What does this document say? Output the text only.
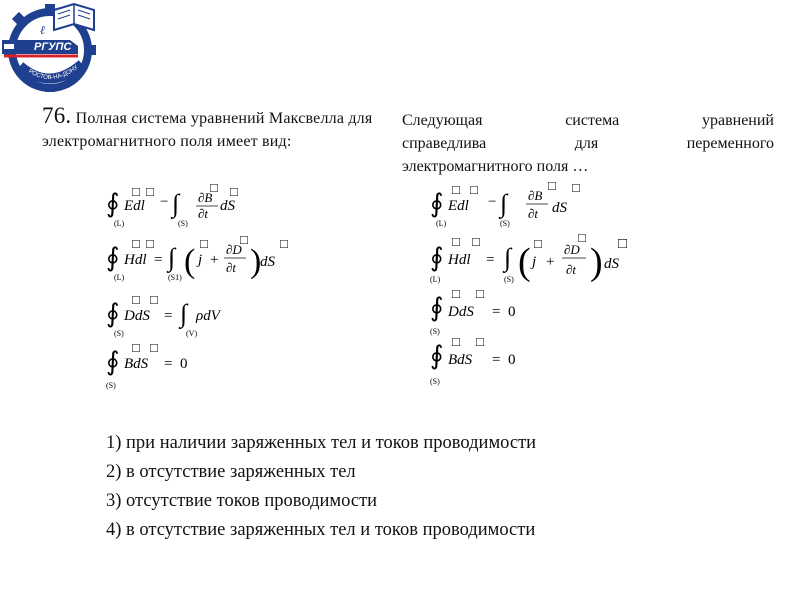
РГУПС
РОСТОВ-НА-ДОНУ
ℓ
76. Полная система уравнений Максвелла для электромагнитного поля имеет вид:
Следующая	система	уравнений
справедлива	для	переменного
электромагнитного поля …
∮
(L)
Edl
□ □
− ∫
(S)
∂B
∂t dS
□ □
∮
(L)
Hdl
□ □
= ∫
(S1) ( j
□
+
∂D
∂t
□
)
dS
□
∮
(S)
DdS
□ □
= ∫
(V)
ρdV
∮
(S)
BdS
□ □
= 0
∮
(L)
Edl
□ □
− ∫
(S)
∂B
∂t dS
□ □
∮
(L)
Hdl
□ □
= ∫
(S) ( j
□
+
∂D
∂t
□
) dS
□
∮
(S)
DdS
□ □
= 0
∮
(S)
BdS
□ □
= 0
1) при наличии заряженных тел и токов проводимости
2) в отсутствие заряженных тел
3) отсутствие токов проводимости
4) в отсутствие заряженных тел и токов проводимости
